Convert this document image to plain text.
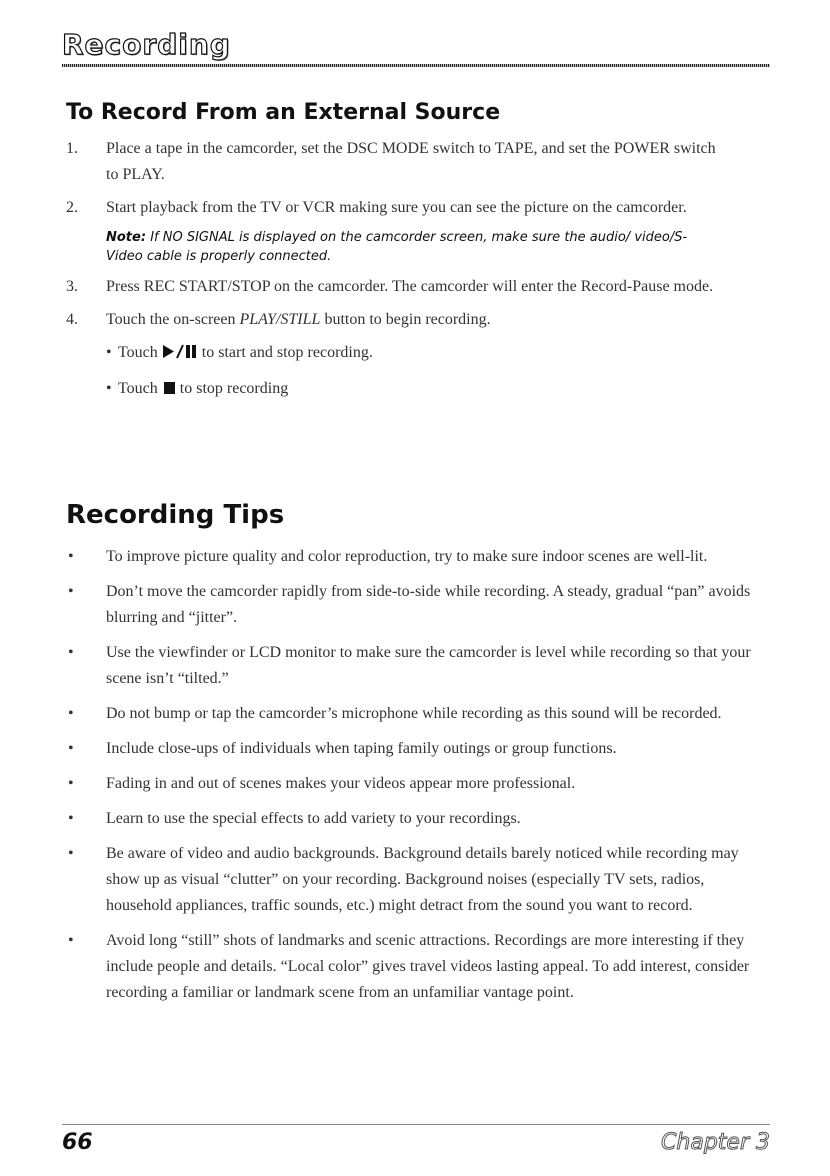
Recording
To Record From an External Source
1. Place a tape in the camcorder, set the DSC MODE switch to TAPE, and set the POWER switch to PLAY.
2. Start playback from the TV or VCR making sure you can see the picture on the camcorder.
Note: If NO SIGNAL is displayed on the camcorder screen, make sure the audio/ video/S-Video cable is properly connected.
3. Press REC START/STOP on the camcorder. The camcorder will enter the Record-Pause mode.
4. Touch the on-screen PLAY/STILL button to begin recording.
• Touch  to start and stop recording.
• Touch  to stop recording
Recording Tips
• To improve picture quality and color reproduction, try to make sure indoor scenes are well-lit.
• Don’t move the camcorder rapidly from side-to-side while recording. A steady, gradual “pan” avoids blurring and “jitter”.
• Use the viewfinder or LCD monitor to make sure the camcorder is level while recording so that your scene isn’t “tilted.”
• Do not bump or tap the camcorder’s microphone while recording as this sound will be recorded.
• Include close-ups of individuals when taping family outings or group functions.
• Fading in and out of scenes makes your videos appear more professional.
• Learn to use the special effects to add variety to your recordings.
• Be aware of video and audio backgrounds. Background details barely noticed while recording may show up as visual “clutter” on your recording. Background noises (especially TV sets, radios, household appliances, traffic sounds, etc.) might detract from the sound you want to record.
• Avoid long “still” shots of landmarks and scenic attractions. Recordings are more interesting if they include people and details. “Local color” gives travel videos lasting appeal. To add interest, consider recording a familiar or landmark scene from an unfamiliar vantage point.
66	Chapter 3
